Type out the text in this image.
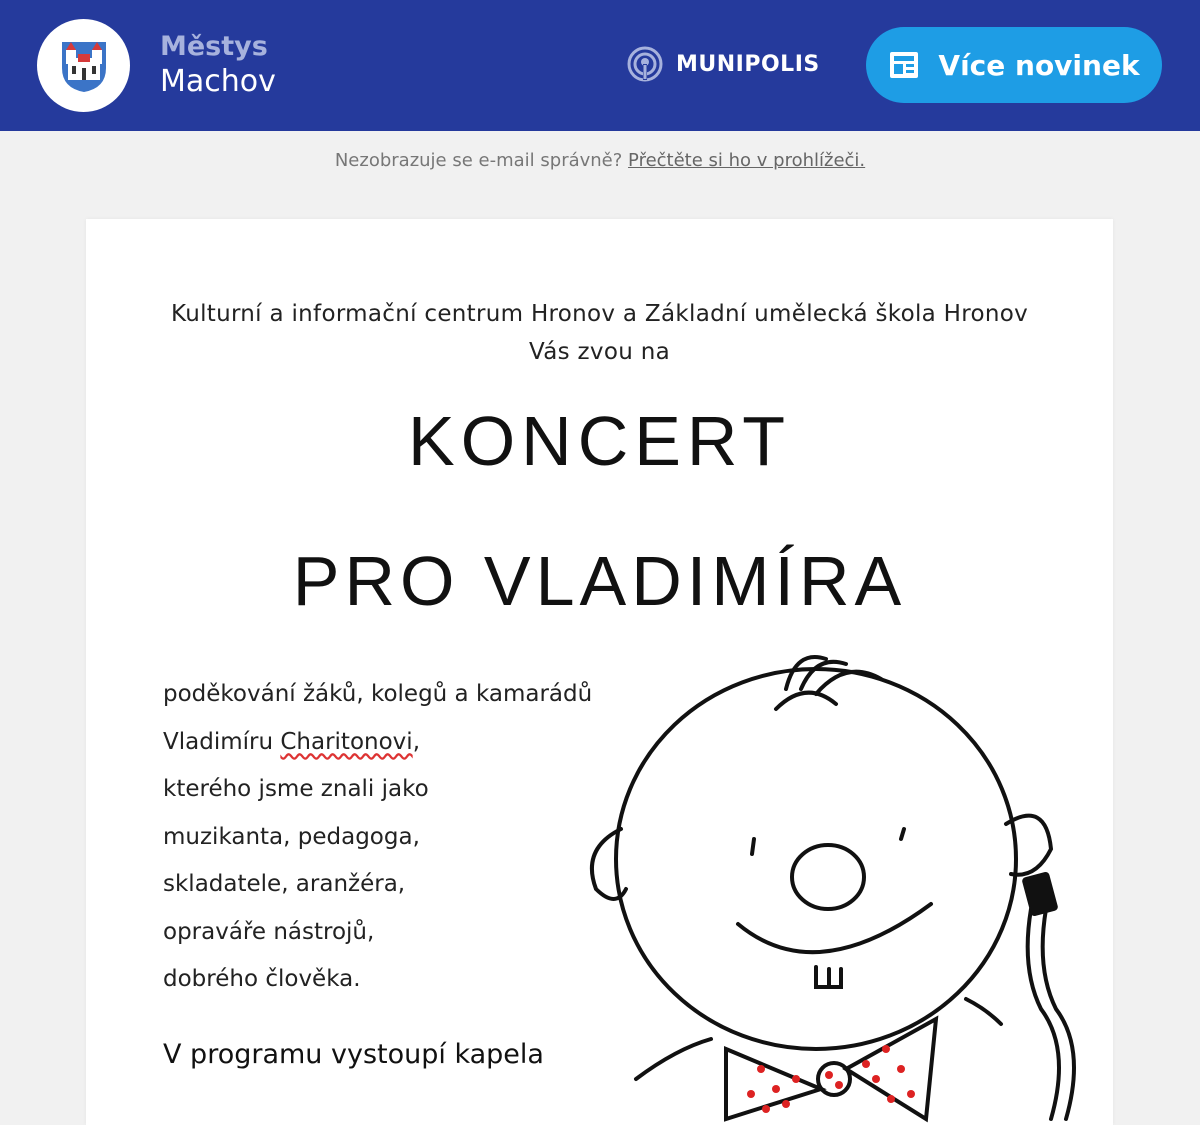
Městys
Machov	MUNIPOLIS	Více novinek
Nezobrazuje se e-mail správně? Přečtěte si ho v prohlížeči.
Kulturní a informační centrum Hronov a Základní umělecká škola Hronov
Vás zvou na
KONCERT
PRO VLADIMÍRA
poděkování žáků, kolegů a kamarádů
Vladimíru Charitonovi,
kterého jsme znali jako
muzikanta, pedagoga,
skladatele, aranžéra,
opraváře nástrojů,
dobrého člověka.
V programu vystoupí kapela
